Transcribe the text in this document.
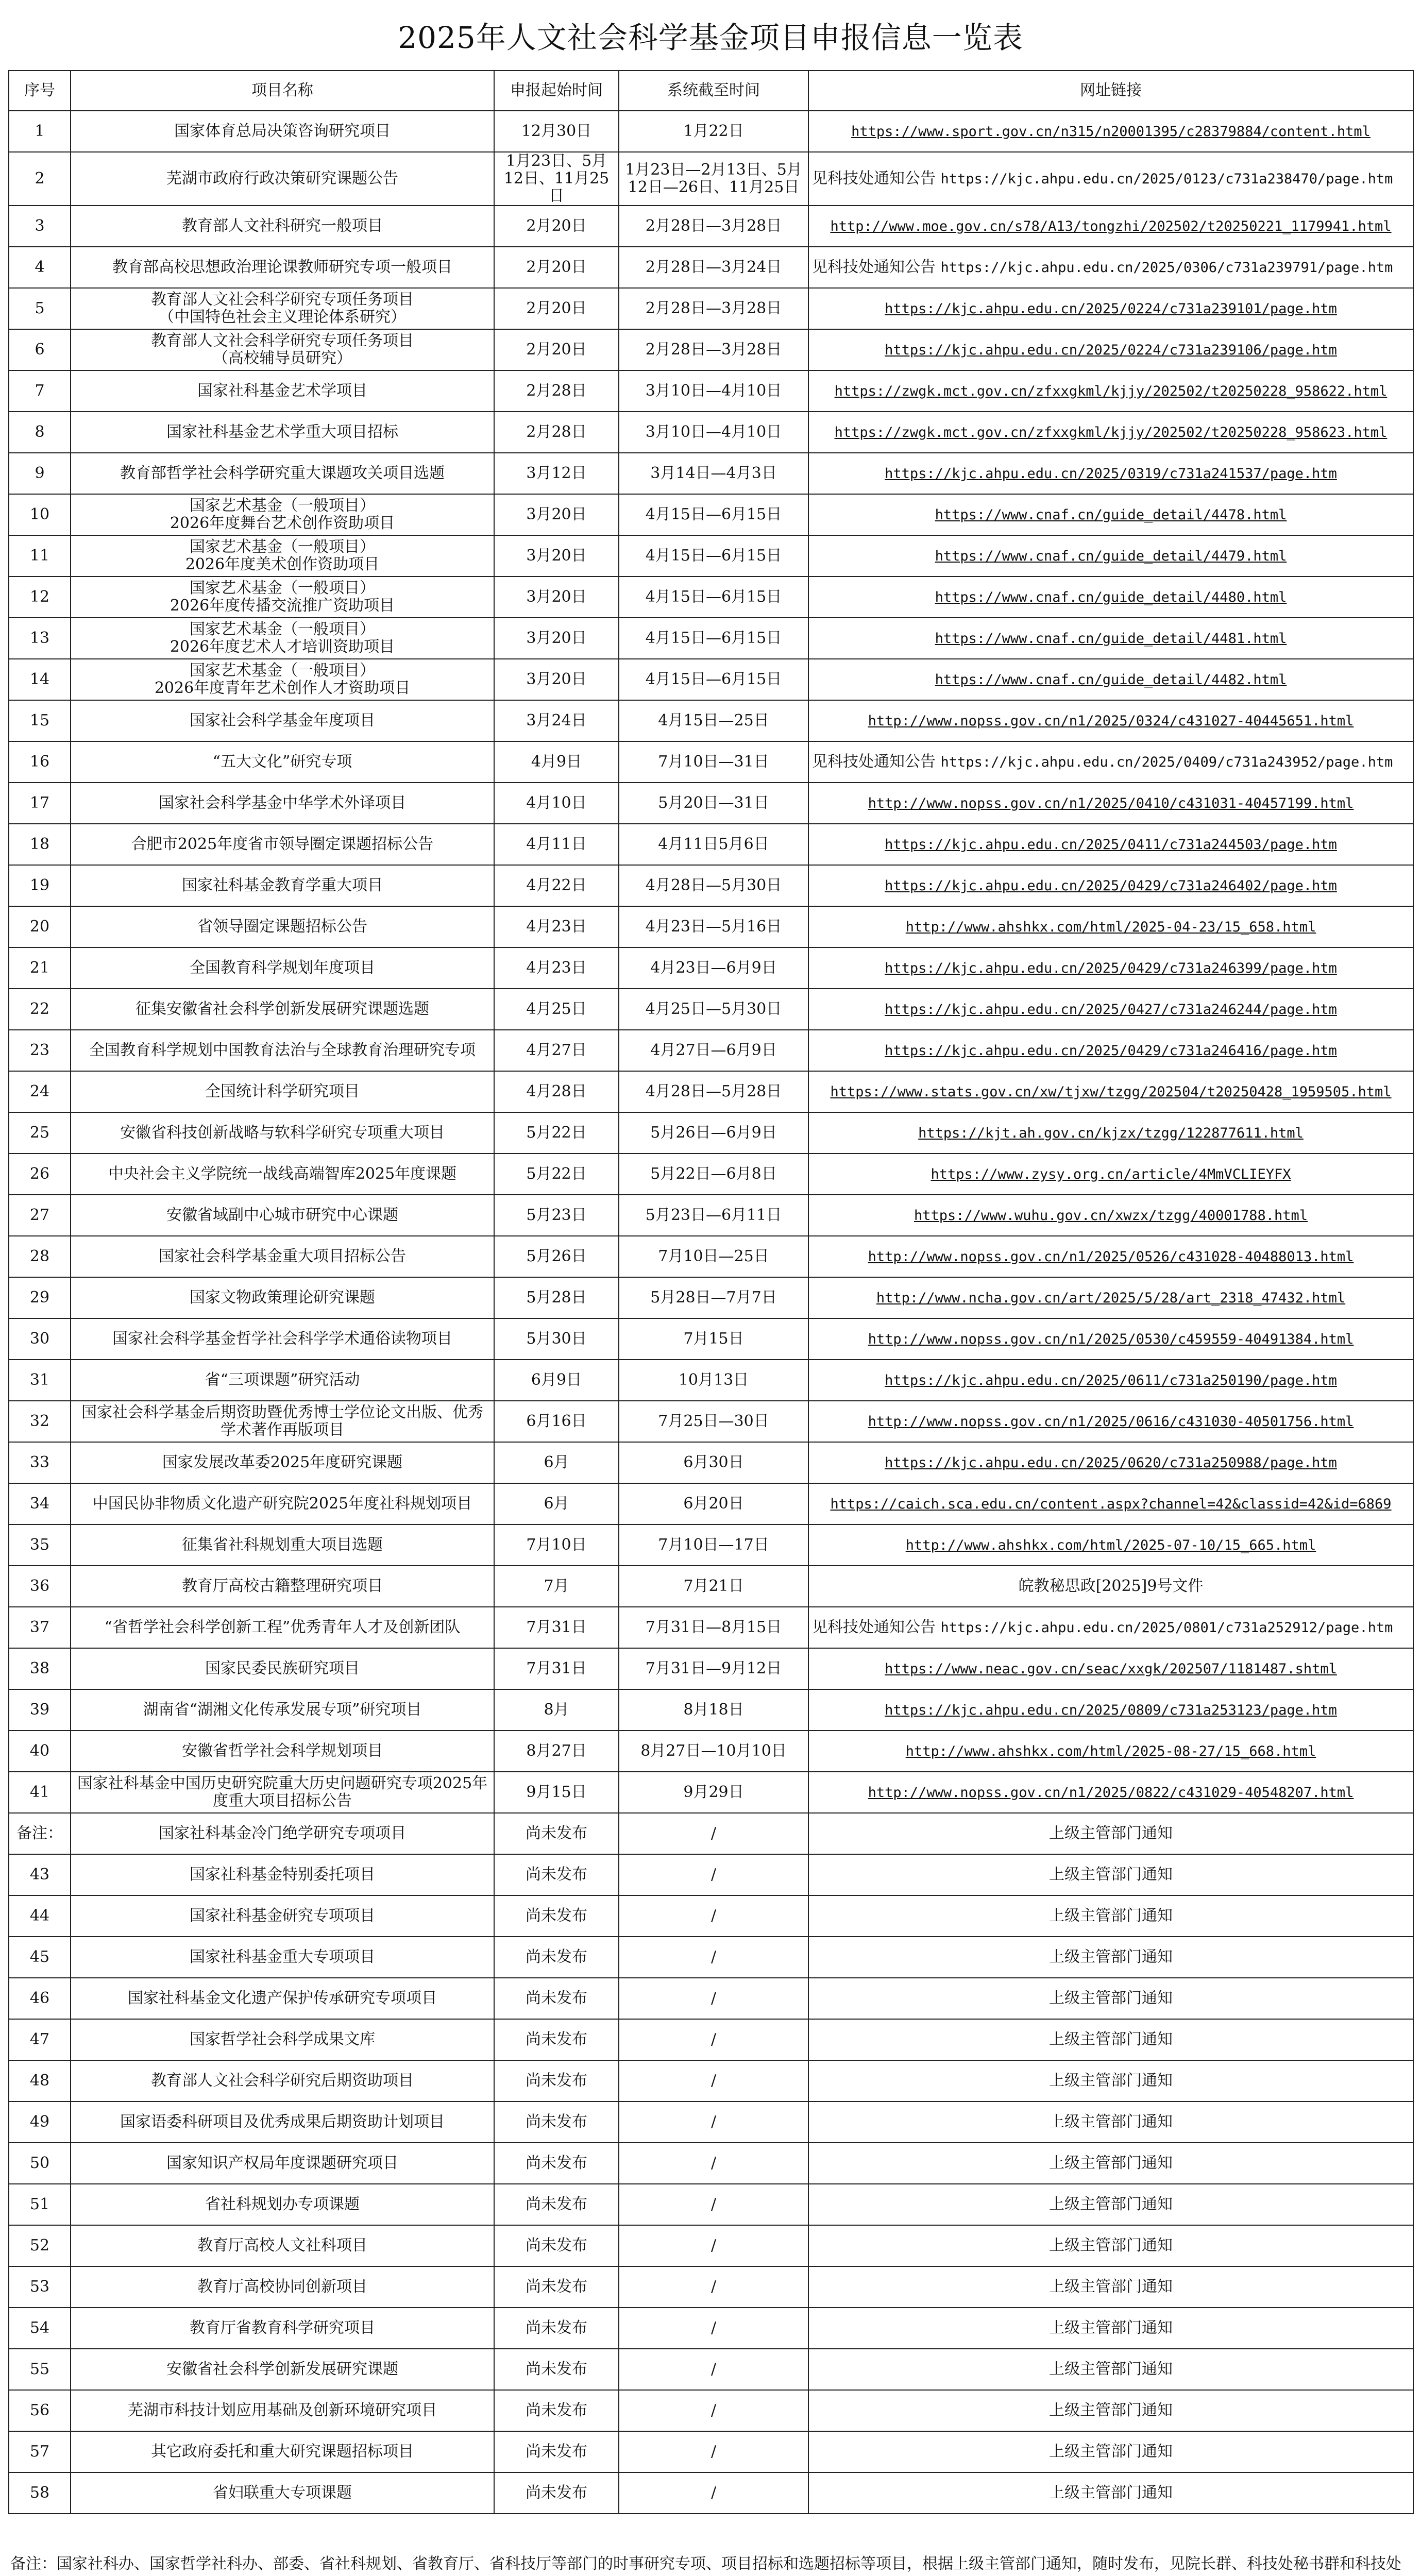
2025年人文社会科学基金项目申报信息一览表
序号	项目名称	申报起始时间	系统截至时间	网址链接
1	国家体育总局决策咨询研究项目	12月30日	1月22日	https://www.sport.gov.cn/n315/n20001395/c28379884/content.html
2	芜湖市政府行政决策研究课题公告	1月23日、5月12日、11月25日	1月23日—2月13日、5月12日—26日、11月25日	见科技处通知公告 https://kjc.ahpu.edu.cn/2025/0123/c731a238470/page.htm
3	教育部人文社科研究一般项目	2月20日	2月28日—3月28日	http://www.moe.gov.cn/s78/A13/tongzhi/202502/t20250221_1179941.html
4	教育部高校思想政治理论课教师研究专项一般项目	2月20日	2月28日—3月24日	见科技处通知公告 https://kjc.ahpu.edu.cn/2025/0306/c731a239791/page.htm
5	教育部人文社会科学研究专项任务项目
（中国特色社会主义理论体系研究）	2月20日	2月28日—3月28日	https://kjc.ahpu.edu.cn/2025/0224/c731a239101/page.htm
6	教育部人文社会科学研究专项任务项目
（高校辅导员研究）	2月20日	2月28日—3月28日	https://kjc.ahpu.edu.cn/2025/0224/c731a239106/page.htm
7	国家社科基金艺术学项目	2月28日	3月10日—4月10日	https://zwgk.mct.gov.cn/zfxxgkml/kjjy/202502/t20250228_958622.html
8	国家社科基金艺术学重大项目招标	2月28日	3月10日—4月10日	https://zwgk.mct.gov.cn/zfxxgkml/kjjy/202502/t20250228_958623.html
9	教育部哲学社会科学研究重大课题攻关项目选题	3月12日	3月14日—4月3日	https://kjc.ahpu.edu.cn/2025/0319/c731a241537/page.htm
10	国家艺术基金（一般项目）
2026年度舞台艺术创作资助项目	3月20日	4月15日—6月15日	https://www.cnaf.cn/guide_detail/4478.html
11	国家艺术基金（一般项目）
2026年度美术创作资助项目	3月20日	4月15日—6月15日	https://www.cnaf.cn/guide_detail/4479.html
12	国家艺术基金（一般项目）
2026年度传播交流推广资助项目	3月20日	4月15日—6月15日	https://www.cnaf.cn/guide_detail/4480.html
13	国家艺术基金（一般项目）
2026年度艺术人才培训资助项目	3月20日	4月15日—6月15日	https://www.cnaf.cn/guide_detail/4481.html
14	国家艺术基金（一般项目）
2026年度青年艺术创作人才资助项目	3月20日	4月15日—6月15日	https://www.cnaf.cn/guide_detail/4482.html
15	国家社会科学基金年度项目	3月24日	4月15日—25日	http://www.nopss.gov.cn/n1/2025/0324/c431027-40445651.html
16	“五大文化”研究专项	4月9日	7月10日—31日	见科技处通知公告 https://kjc.ahpu.edu.cn/2025/0409/c731a243952/page.htm
17	国家社会科学基金中华学术外译项目	4月10日	5月20日—31日	http://www.nopss.gov.cn/n1/2025/0410/c431031-40457199.html
18	合肥市2025年度省市领导圈定课题招标公告	4月11日	4月11日5月6日	https://kjc.ahpu.edu.cn/2025/0411/c731a244503/page.htm
19	国家社科基金教育学重大项目	4月22日	4月28日—5月30日	https://kjc.ahpu.edu.cn/2025/0429/c731a246402/page.htm
20	省领导圈定课题招标公告	4月23日	4月23日—5月16日	http://www.ahshkx.com/html/2025-04-23/15_658.html
21	全国教育科学规划年度项目	4月23日	4月23日—6月9日	https://kjc.ahpu.edu.cn/2025/0429/c731a246399/page.htm
22	征集安徽省社会科学创新发展研究课题选题	4月25日	4月25日—5月30日	https://kjc.ahpu.edu.cn/2025/0427/c731a246244/page.htm
23	全国教育科学规划中国教育法治与全球教育治理研究专项	4月27日	4月27日—6月9日	https://kjc.ahpu.edu.cn/2025/0429/c731a246416/page.htm
24	全国统计科学研究项目	4月28日	4月28日—5月28日	https://www.stats.gov.cn/xw/tjxw/tzgg/202504/t20250428_1959505.html
25	安徽省科技创新战略与软科学研究专项重大项目	5月22日	5月26日—6月9日	https://kjt.ah.gov.cn/kjzx/tzgg/122877611.html
26	中央社会主义学院统一战线高端智库2025年度课题	5月22日	5月22日—6月8日	https://www.zysy.org.cn/article/4MmVCLIEYFX
27	安徽省域副中心城市研究中心课题	5月23日	5月23日—6月11日	https://www.wuhu.gov.cn/xwzx/tzgg/40001788.html
28	国家社会科学基金重大项目招标公告	5月26日	7月10日—25日	http://www.nopss.gov.cn/n1/2025/0526/c431028-40488013.html
29	国家文物政策理论研究课题	5月28日	5月28日—7月7日	http://www.ncha.gov.cn/art/2025/5/28/art_2318_47432.html
30	国家社会科学基金哲学社会科学学术通俗读物项目	5月30日	7月15日	http://www.nopss.gov.cn/n1/2025/0530/c459559-40491384.html
31	省“三项课题”研究活动	6月9日	10月13日	https://kjc.ahpu.edu.cn/2025/0611/c731a250190/page.htm
32	国家社会科学基金后期资助暨优秀博士学位论文出版、优秀学术著作再版项目	6月16日	7月25日—30日	http://www.nopss.gov.cn/n1/2025/0616/c431030-40501756.html
33	国家发展改革委2025年度研究课题	6月	6月30日	https://kjc.ahpu.edu.cn/2025/0620/c731a250988/page.htm
34	中国民协非物质文化遗产研究院2025年度社科规划项目	6月	6月20日	https://caich.sca.edu.cn/content.aspx?channel=42&classid=42&id=6869
35	征集省社科规划重大项目选题	7月10日	7月10日—17日	http://www.ahshkx.com/html/2025-07-10/15_665.html
36	教育厅高校古籍整理研究项目	7月	7月21日	皖教秘思政[2025]9号文件
37	“省哲学社会科学创新工程”优秀青年人才及创新团队	7月31日	7月31日—8月15日	见科技处通知公告 https://kjc.ahpu.edu.cn/2025/0801/c731a252912/page.htm
38	国家民委民族研究项目	7月31日	7月31日—9月12日	https://www.neac.gov.cn/seac/xxgk/202507/1181487.shtml
39	湖南省“湖湘文化传承发展专项”研究项目	8月	8月18日	https://kjc.ahpu.edu.cn/2025/0809/c731a253123/page.htm
40	安徽省哲学社会科学规划项目	8月27日	8月27日—10月10日	http://www.ahshkx.com/html/2025-08-27/15_668.html
41	国家社科基金中国历史研究院重大历史问题研究专项2025年度重大项目招标公告	9月15日	9月29日	http://www.nopss.gov.cn/n1/2025/0822/c431029-40548207.html
备注：	国家社科基金冷门绝学研究专项项目	尚未发布	/	上级主管部门通知
43	国家社科基金特别委托项目	尚未发布	/	上级主管部门通知
44	国家社科基金研究专项项目	尚未发布	/	上级主管部门通知
45	国家社科基金重大专项项目	尚未发布	/	上级主管部门通知
46	国家社科基金文化遗产保护传承研究专项项目	尚未发布	/	上级主管部门通知
47	国家哲学社会科学成果文库	尚未发布	/	上级主管部门通知
48	教育部人文社会科学研究后期资助项目	尚未发布	/	上级主管部门通知
49	国家语委科研项目及优秀成果后期资助计划项目	尚未发布	/	上级主管部门通知
50	国家知识产权局年度课题研究项目	尚未发布	/	上级主管部门通知
51	省社科规划办专项课题	尚未发布	/	上级主管部门通知
52	教育厅高校人文社科项目	尚未发布	/	上级主管部门通知
53	教育厅高校协同创新项目	尚未发布	/	上级主管部门通知
54	教育厅省教育科学研究项目	尚未发布	/	上级主管部门通知
55	安徽省社会科学创新发展研究课题	尚未发布	/	上级主管部门通知
56	芜湖市科技计划应用基础及创新环境研究项目	尚未发布	/	上级主管部门通知
57	其它政府委托和重大研究课题招标项目	尚未发布	/	上级主管部门通知
58	省妇联重大专项课题	尚未发布	/	上级主管部门通知
备注：国家社科办、国家哲学社科办、部委、省社科规划、省教育厅、省科技厅等部门的时事研究专项、项目招标和选题招标等项目，根据上级主管部门通知，随时发布，见院长群、科技处秘书群和科技处
